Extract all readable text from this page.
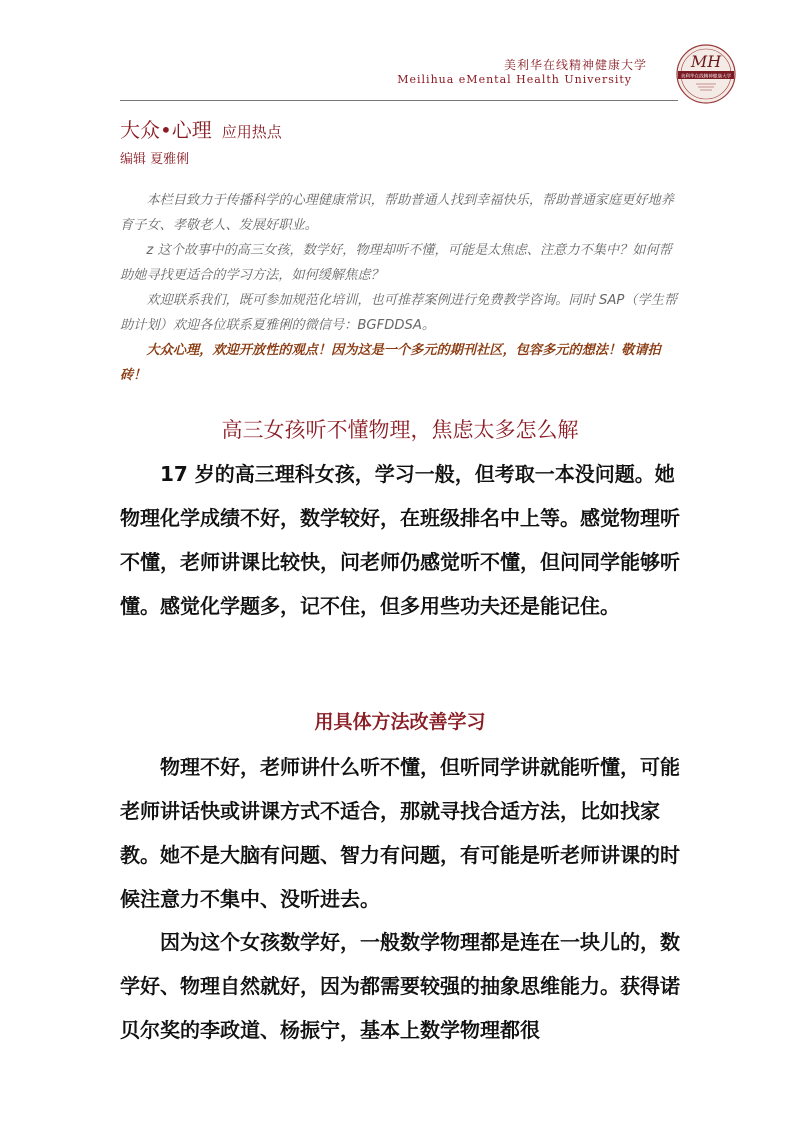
美利华在线精神健康大学
Meilihua eMental Health University
MH
美利华在线精神健康大学
大众•心理 应用热点
编辑 夏雅俐

本栏目致力于传播科学的心理健康常识，帮助普通人找到幸福快乐，帮助普通家庭更好地养育子女、孝敬老人、发展好职业。

z 这个故事中的高三女孩，数学好，物理却听不懂，可能是太焦虑、注意力不集中？如何帮助她寻找更适合的学习方法，如何缓解焦虑？

欢迎联系我们，既可参加规范化培训，也可推荐案例进行免费教学咨询。同时 SAP（学生帮助计划）欢迎各位联系夏雅俐的微信号：BGFDDSA。

大众心理，欢迎开放性的观点！因为这是一个多元的期刊社区，包容多元的想法！敬请拍砖！

高三女孩听不懂物理，焦虑太多怎么解

17 岁的高三理科女孩，学习一般，但考取一本没问题。她物理化学成绩不好，数学较好，在班级排名中上等。感觉物理听不懂，老师讲课比较快，问老师仍感觉听不懂，但问同学能够听懂。感觉化学题多，记不住，但多用些功夫还是能记住。

用具体方法改善学习

物理不好，老师讲什么听不懂，但听同学讲就能听懂，可能老师讲话快或讲课方式不适合，那就寻找合适方法，比如找家教。她不是大脑有问题、智力有问题，有可能是听老师讲课的时候注意力不集中、没听进去。

因为这个女孩数学好，一般数学物理都是连在一块儿的，数学好、物理自然就好，因为都需要较强的抽象思维能力。获得诺贝尔奖的李政道、杨振宁，基本上数学物理都很
